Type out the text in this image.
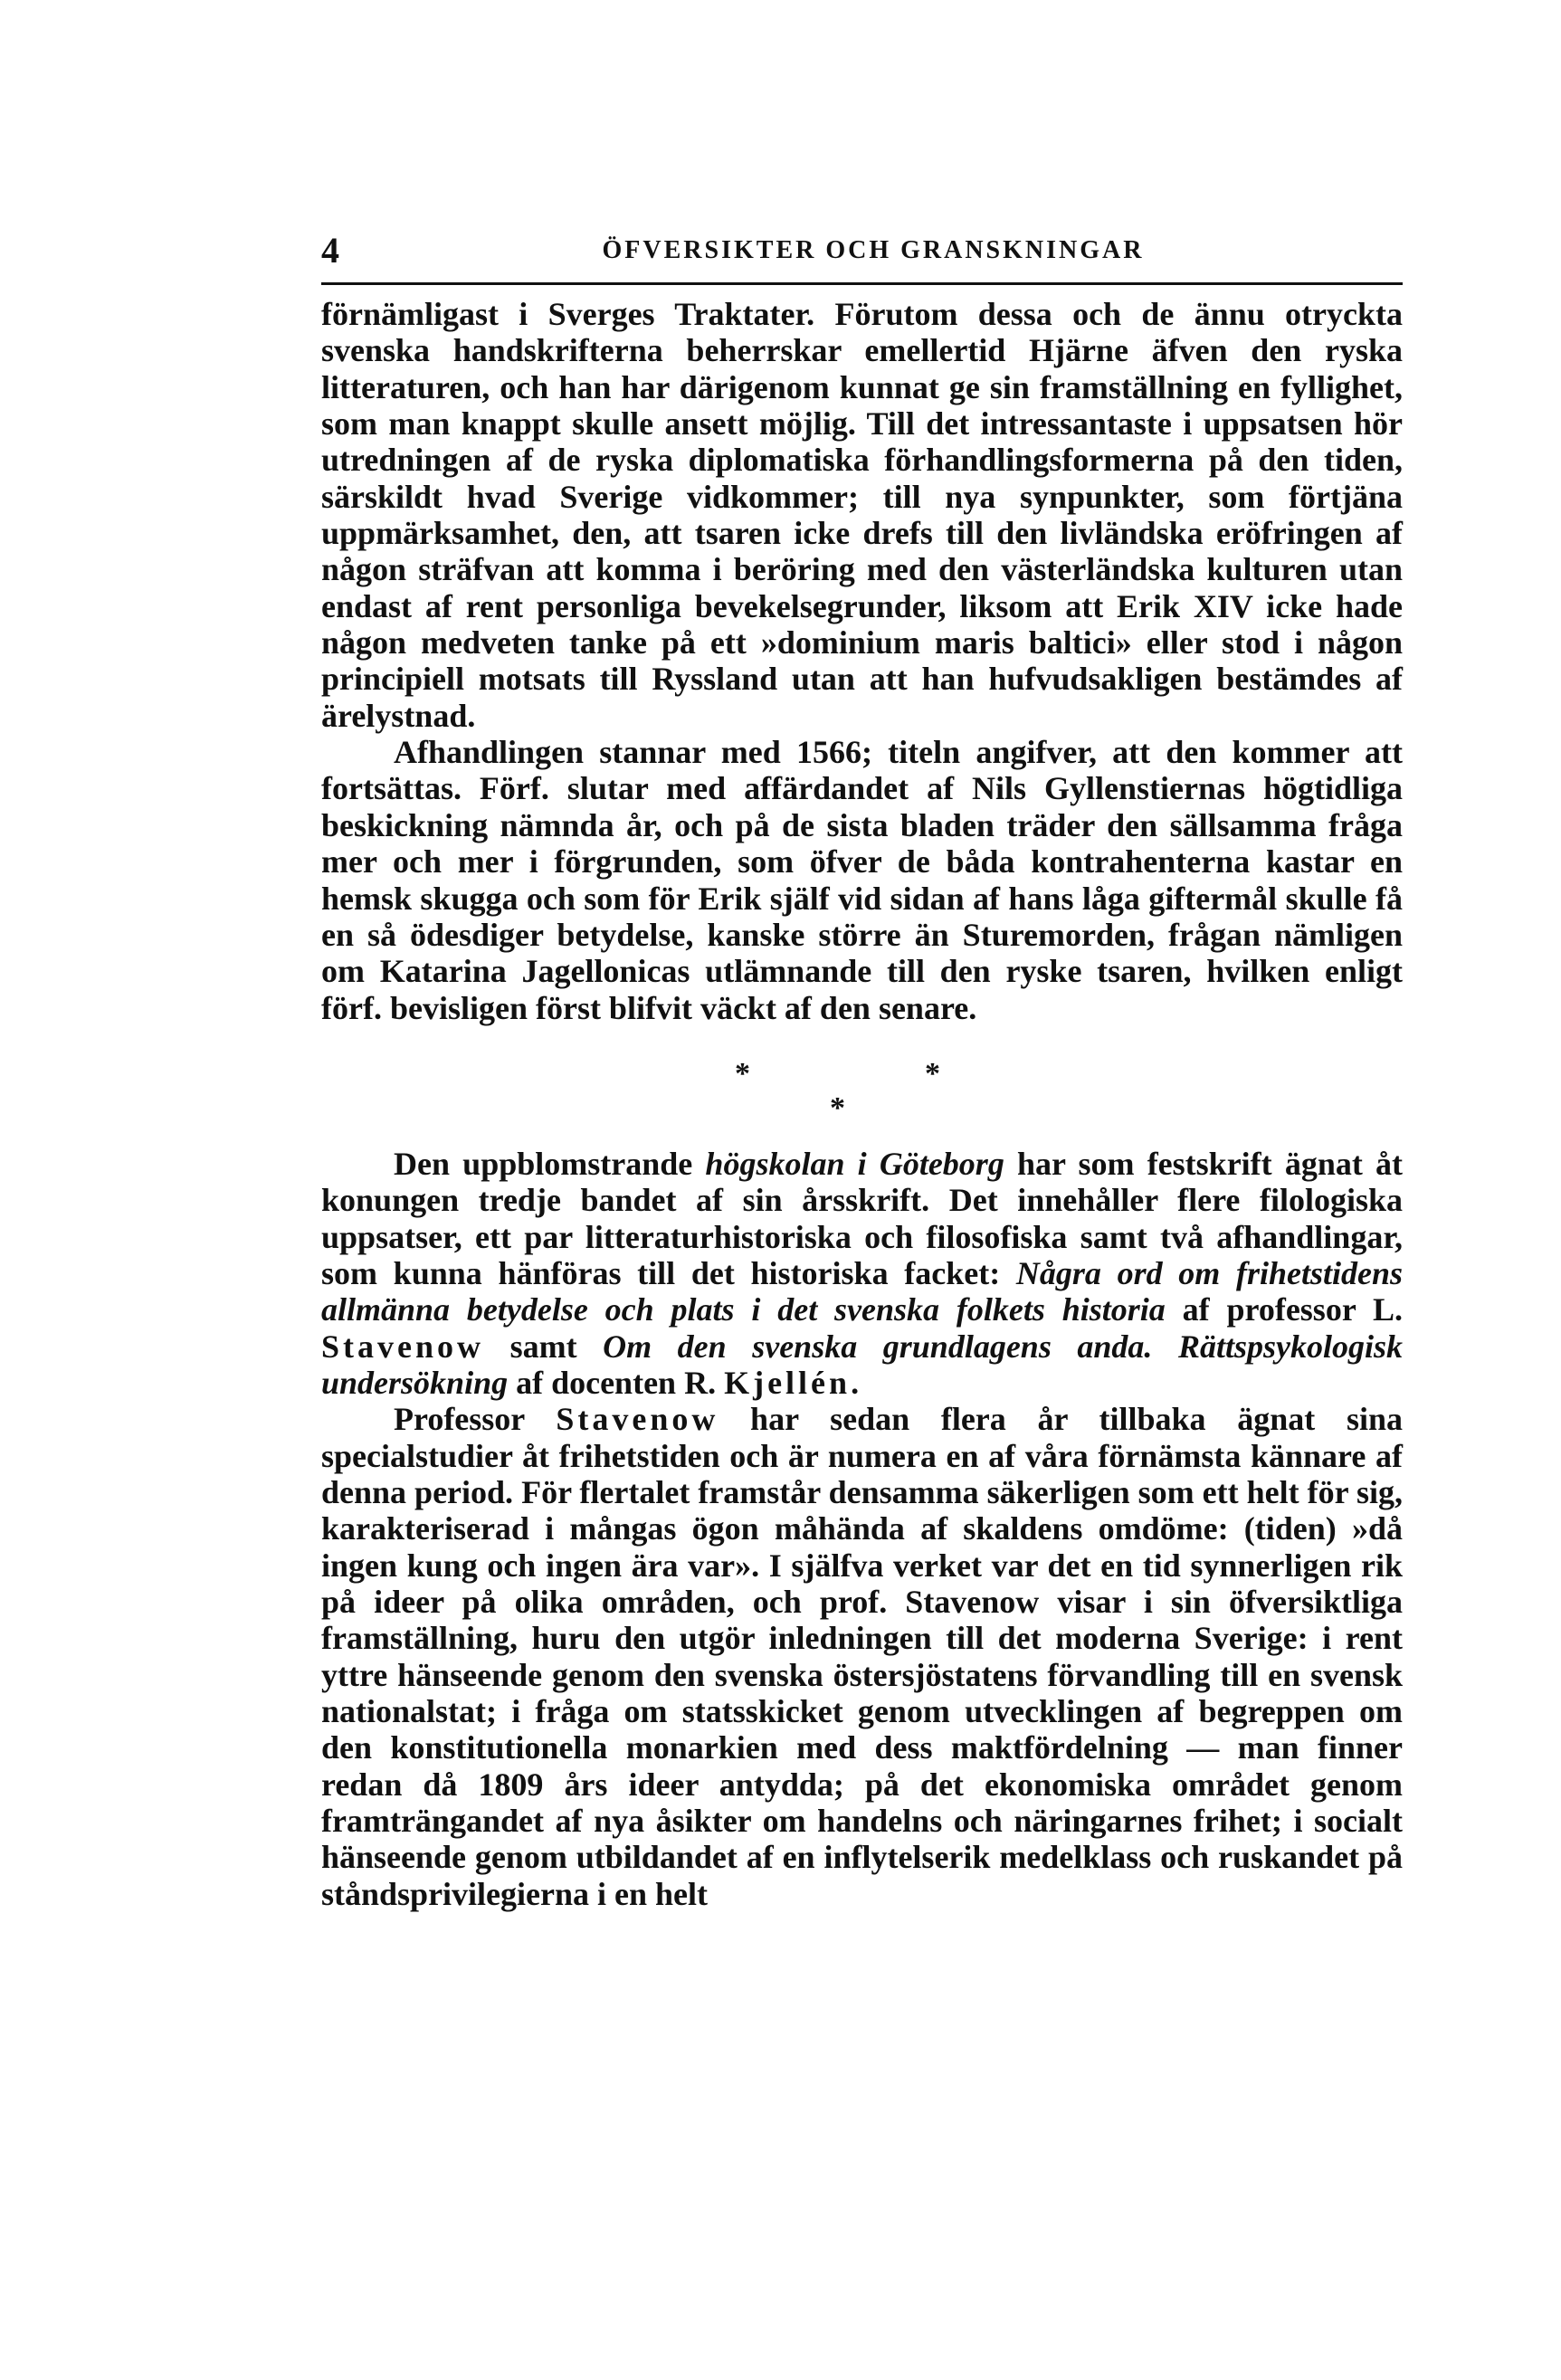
4	ÖFVERSIKTER OCH GRANSKNINGAR

förnämligast i Sverges Traktater. Förutom dessa och de ännu otryckta svenska handskrifterna beherrskar emellertid Hjärne äfven den ryska litteraturen, och han har därigenom kunnat ge sin framställning en fyllighet, som man knappt skulle ansett möjlig. Till det intressantaste i uppsatsen hör utredningen af de ryska diplomatiska förhandlingsformerna på den tiden, särskildt hvad Sverige vidkommer; till nya synpunkter, som förtjäna uppmärksamhet, den, att tsaren icke drefs till den livländska eröfringen af någon sträfvan att komma i beröring med den västerländska kulturen utan endast af rent personliga bevekelsegrunder, liksom att Erik XIV icke hade någon medveten tanke på ett »dominium maris baltici» eller stod i någon principiell motsats till Ryssland utan att han hufvudsakligen bestämdes af ärelystnad.

Afhandlingen stannar med 1566; titeln angifver, att den kommer att fortsättas. Förf. slutar med affärdandet af Nils Gyllenstiernas högtidliga beskickning nämnda år, och på de sista bladen träder den sällsamma fråga mer och mer i förgrunden, som öfver de båda kontrahenterna kastar en hemsk skugga och som för Erik själf vid sidan af hans låga giftermål skulle få en så ödesdiger betydelse, kanske större än Sturemorden, frågan nämligen om Katarina Jagellonicas utlämnande till den ryske tsaren, hvilken enligt förf. bevisligen först blifvit väckt af den senare.

*	*
*

Den uppblomstrande högskolan i Göteborg har som festskrift ägnat åt konungen tredje bandet af sin årsskrift. Det innehåller flere filologiska uppsatser, ett par litteraturhistoriska och filosofiska samt två afhandlingar, som kunna hänföras till det historiska facket: Några ord om frihetstidens allmänna betydelse och plats i det svenska folkets historia af professor L. Stavenow samt Om den svenska grundlagens anda. Rättspsykologisk undersökning af docenten R. Kjellén.

Professor Stavenow har sedan flera år tillbaka ägnat sina specialstudier åt frihetstiden och är numera en af våra förnämsta kännare af denna period. För flertalet framstår densamma säkerligen som ett helt för sig, karakteriserad i mångas ögon måhända af skaldens omdöme: (tiden) »då ingen kung och ingen ära var». I själfva verket var det en tid synnerligen rik på ideer på olika områden, och prof. Stavenow visar i sin öfversiktliga framställning, huru den utgör inledningen till det moderna Sverige: i rent yttre hänseende genom den svenska östersjöstatens förvandling till en svensk nationalstat; i fråga om statsskicket genom utvecklingen af begreppen om den konstitutionella monarkien med dess maktfördelning — man finner redan då 1809 års ideer antydda; på det ekonomiska området genom framträngandet af nya åsikter om handelns och näringarnes frihet; i socialt hänseende genom utbildandet af en inflytelserik medelklass och ruskandet på ståndsprivilegierna i en helt
